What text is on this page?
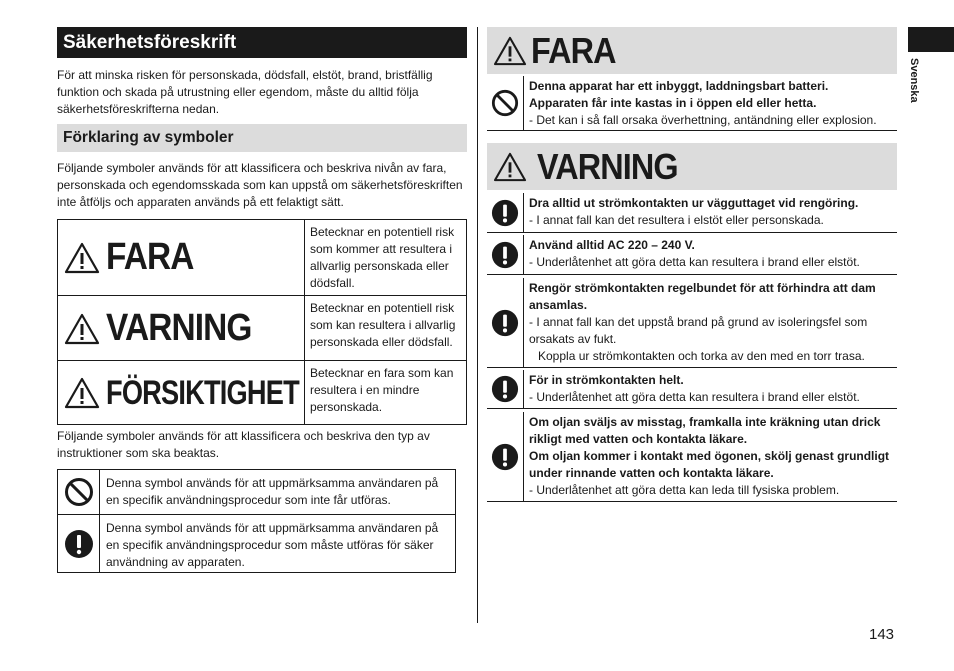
Säkerhetsföreskrift

För att minska risken för personskada, dödsfall, elstöt, brand, bristfällig funktion och skada på utrustning eller egendom, måste du alltid följa säkerhetsföreskrifterna nedan.

Förklaring av symboler

Följande symboler används för att klassificera och beskriva nivån av fara, personskada och egendomsskada som kan uppstå om säkerhetsföreskriften inte åtföljs och apparaten används på ett felaktigt sätt.

FARA

Betecknar en potentiell risk som kommer att resultera i allvarlig personskada eller dödsfall.

VARNING	Betecknar en potentiell risk som kan resultera i allvarlig personskada eller dödsfall.

FÖRSIKTIGHET

Betecknar en fara som kan resultera i en mindre personskada.

Följande symboler används för att klassificera och beskriva den typ av instruktioner som ska beaktas.

Denna symbol används för att uppmärksamma användaren på en specifik användningsprocedur som inte får utföras.

Denna symbol används för att uppmärksamma användaren på en specifik användningsprocedur som måste utföras för säker användning av apparaten.

FARA

Denna apparat har ett inbyggt, laddningsbart batteri.

Apparaten får inte kastas in i öppen eld eller hetta.

- Det kan i så fall orsaka överhettning, antändning eller explosion.

VARNING

Dra alltid ut strömkontakten ur vägguttaget vid rengöring.

- I annat fall kan det resultera i elstöt eller personskada.

Använd alltid AC 220 – 240 V.

- Underlåtenhet att göra detta kan resultera i brand eller elstöt.

Rengör strömkontakten regelbundet för att förhindra att dam ansamlas.

- I annat fall kan det uppstå brand på grund av isoleringsfel som orsakats av fukt.

Koppla ur strömkontakten och torka av den med en torr trasa.

För in strömkontakten helt.

- Underlåtenhet att göra detta kan resultera i brand eller elstöt.

Om oljan sväljs av misstag, framkalla inte kräkning utan drick rikligt med vatten och kontakta läkare.

Om oljan kommer i kontakt med ögonen, skölj genast grundligt under rinnande vatten och kontakta läkare.

- Underlåtenhet att göra detta kan leda till fysiska problem.

Svenska
143
